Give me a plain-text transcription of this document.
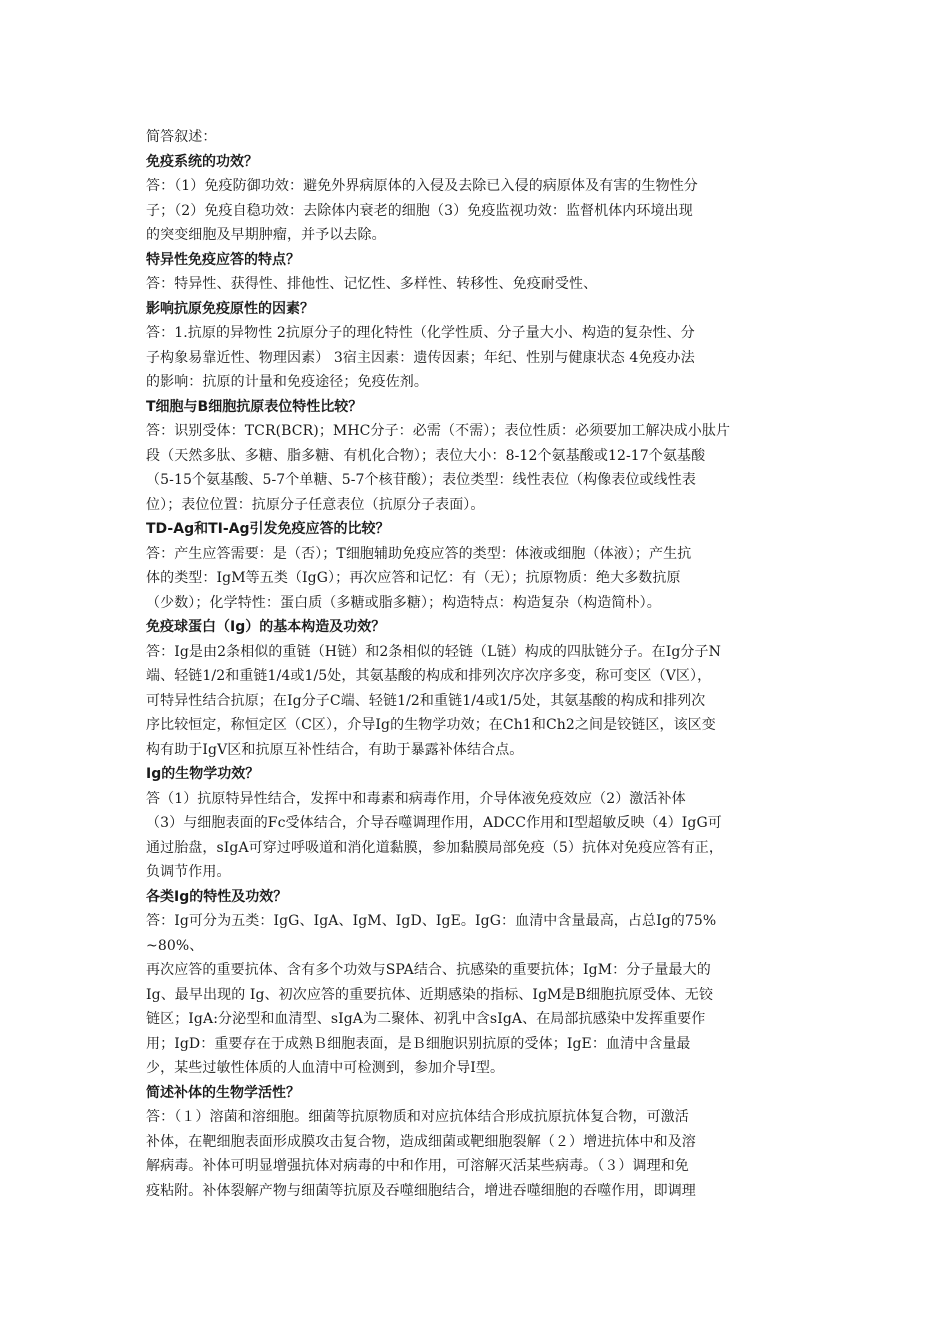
简答叙述：
免疫系统的功效？
答：（1）免疫防御功效：避免外界病原体的入侵及去除已入侵的病原体及有害的生物性分
子；（2）免疫自稳功效：去除体内衰老的细胞（3）免疫监视功效：监督机体内环境出现
的突变细胞及早期肿瘤，并予以去除。
特异性免疫应答的特点？
答：特异性、获得性、排他性、记忆性、多样性、转移性、免疫耐受性、
影响抗原免疫原性的因素？
答：1.抗原的异物性 2抗原分子的理化特性（化学性质、分子量大小、构造的复杂性、分
子构象易靠近性、物理因素） 3宿主因素：遗传因素；年纪、性别与健康状态 4免疫办法
的影响：抗原的计量和免疫途径；免疫佐剂。
T细胞与B细胞抗原表位特性比较？
答：识别受体：TCR(BCR)；MHC分子：必需（不需）；表位性质：必须要加工解决成小肽片
段（天然多肽、多糖、脂多糖、有机化合物）；表位大小：8-12个氨基酸或12-17个氨基酸
（5-15个氨基酸、5-7个单糖、5-7个核苷酸）；表位类型：线性表位（构像表位或线性表
位）；表位位置：抗原分子任意表位（抗原分子表面）。
TD-Ag和TI-Ag引发免疫应答的比较？
答：产生应答需要：是（否）；T细胞辅助免疫应答的类型：体液或细胞（体液）；产生抗
体的类型：IgM等五类（IgG）；再次应答和记忆：有（无）；抗原物质：绝大多数抗原
（少数）；化学特性：蛋白质（多糖或脂多糖）；构造特点：构造复杂（构造简朴）。
免疫球蛋白（Ig）的基本构造及功效？
答：Ig是由2条相似的重链（H链）和2条相似的轻链（L链）构成的四肽链分子。在Ig分子N
端、轻链1/2和重链1/4或1/5处，其氨基酸的构成和排列次序次序多变，称可变区（V区），
可特异性结合抗原；在Ig分子C端、轻链1/2和重链1/4或1/5处，其氨基酸的构成和排列次
序比较恒定，称恒定区（C区），介导Ig的生物学功效；在Ch1和Ch2之间是铰链区，该区变
构有助于IgV区和抗原互补性结合，有助于暴露补体结合点。
Ig的生物学功效？
答（1）抗原特异性结合，发挥中和毒素和病毒作用，介导体液免疫效应（2）激活补体
（3）与细胞表面的Fc受体结合，介导吞噬调理作用，ADCC作用和I型超敏反映（4）IgG可
通过胎盘，sIgA可穿过呼吸道和消化道黏膜，参加黏膜局部免疫（5）抗体对免疫应答有正，
负调节作用。
各类Ig的特性及功效？
答：Ig可分为五类：IgG、IgA、IgM、IgD、IgE。IgG：血清中含量最高，占总Ig的75%
~80%、
再次应答的重要抗体、含有多个功效与SPA结合、抗感染的重要抗体；IgM：分子量最大的
Ig、最早出现的 Ig、初次应答的重要抗体、近期感染的指标、IgM是B细胞抗原受体、无铰
链区；IgA:分泌型和血清型、sIgA为二聚体、初乳中含sIgA、在局部抗感染中发挥重要作
用；IgD：重要存在于成熟Ｂ细胞表面，是Ｂ细胞识别抗原的受体；IgE：血清中含量最
少，某些过敏性体质的人血清中可检测到，参加介导Ⅰ型。
简述补体的生物学活性？
答：（１）溶菌和溶细胞。细菌等抗原物质和对应抗体结合形成抗原抗体复合物，可激活
补体，在靶细胞表面形成膜攻击复合物，造成细菌或靶细胞裂解（２）增进抗体中和及溶
解病毒。补体可明显增强抗体对病毒的中和作用，可溶解灭活某些病毒。（３）调理和免
疫粘附。补体裂解产物与细菌等抗原及吞噬细胞结合，增进吞噬细胞的吞噬作用，即调理
